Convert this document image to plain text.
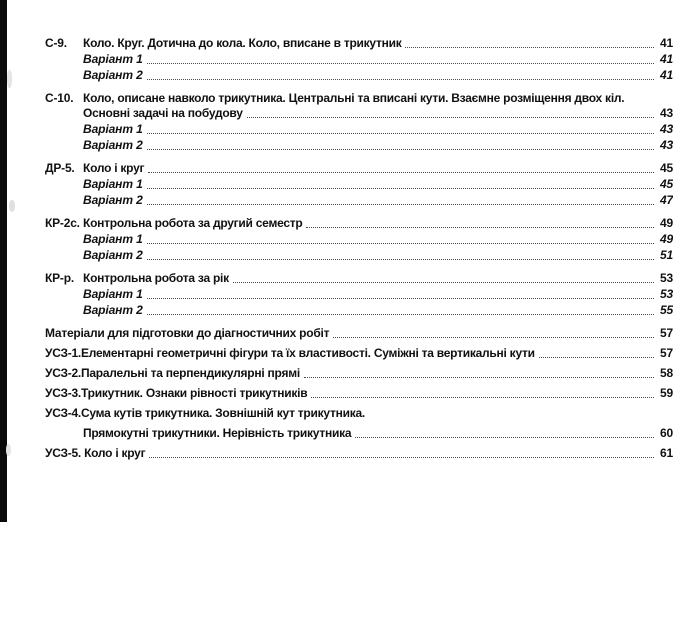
С-9.	Коло. Круг. Дотична до кола. Коло, вписане в трикутник	41
Варіант 1	41
Варіант 2	41
С-10. Коло, описане навколо трикутника. Центральні та вписані кути. Взаємне розміщення двох кіл.
Основні задачі на побудову	43
Варіант 1	43
Варіант 2	43
ДР-5. Коло і круг	45
Варіант 1	45
Варіант 2	47
КР-2с. Контрольна робота за другий семестр	49
Варіант 1	49
Варіант 2	51
КР-р. Контрольна робота за рік	53
Варіант 1	53
Варіант 2	55
Матеріали для підготовки до діагностичних робіт	57
УСЗ-1.Елементарні геометричні фігури та їх властивості. Суміжні та вертикальні кути	57
УСЗ-2.Паралельні та перпендикулярні прямі	58
УСЗ-3.Трикутник. Ознаки рівності трикутників	59
УСЗ-4.Сума кутів трикутника. Зовнішній кут трикутника.
Прямокутні трикутники. Нерівність трикутника	60
УСЗ-5. Коло і круг	61
